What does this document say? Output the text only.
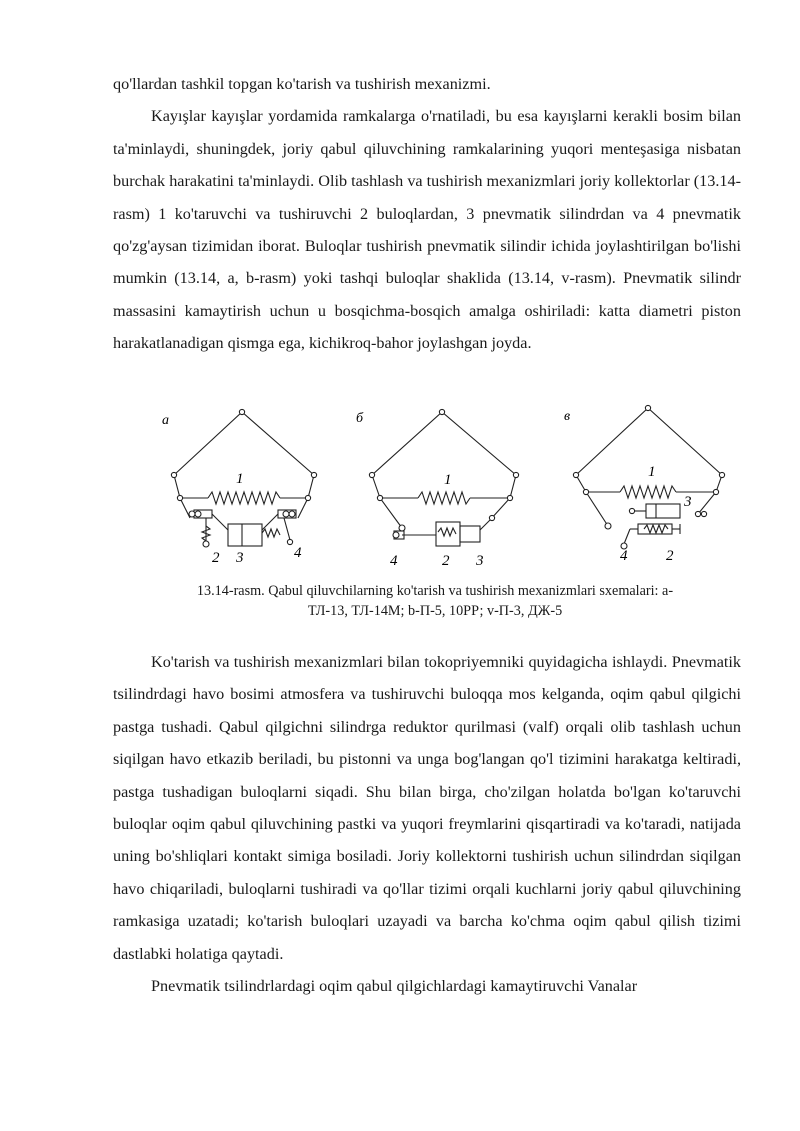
qo'llardan tashkil topgan ko'tarish va tushirish mexanizmi.

Kayışlar kayışlar yordamida ramkalarga o'rnatiladi, bu esa kayışlarni kerakli bosim bilan ta'minlaydi, shuningdek, joriy qabul qiluvchining ramkalarining yuqori menteşasiga nisbatan burchak harakatini ta'minlaydi. Olib tashlash va tushirish mexanizmlari joriy kollektorlar (13.14-rasm) 1 ko'taruvchi va tushiruvchi 2 buloqlardan, 3 pnevmatik silindrdan va 4 pnevmatik qo'zg'aysan tizimidan iborat. Buloqlar tushirish pnevmatik silindir ichida joylashtirilgan bo'lishi mumkin (13.14, a, b-rasm) yoki tashqi buloqlar shaklida (13.14, v-rasm). Pnevmatik silindr massasini kamaytirish uchun u bosqichma-bosqich amalga oshiriladi: katta diametri piston harakatlanadigan qismga ega, kichikroq-bahor joylashgan joyda.

а	б	в
1
2 3	4
1
4	2 3
1
3
4	2
13.14-rasm. Qabul qiluvchilarning ko'tarish va tushirish mexanizmlari sxemalari: a-
ТЛ-13, ТЛ-14М; b-П-5, 10РР; v-П-3, ДЖ-5

Ko'tarish va tushirish mexanizmlari bilan tokopriyemniki quyidagicha ishlaydi. Pnevmatik tsilindrdagi havo bosimi atmosfera va tushiruvchi buloqqa mos kelganda, oqim qabul qilgichi pastga tushadi. Qabul qilgichni silindrga reduktor qurilmasi (valf) orqali olib tashlash uchun siqilgan havo etkazib beriladi, bu pistonni va unga bog'langan qo'l tizimini harakatga keltiradi, pastga tushadigan buloqlarni siqadi. Shu bilan birga, cho'zilgan holatda bo'lgan ko'taruvchi buloqlar oqim qabul qiluvchining pastki va yuqori freymlarini qisqartiradi va ko'taradi, natijada uning bo'shliqlari kontakt simiga bosiladi. Joriy kollektorni tushirish uchun silindrdan siqilgan havo chiqariladi, buloqlarni tushiradi va qo'llar tizimi orqali kuchlarni joriy qabul qiluvchining ramkasiga uzatadi; ko'tarish buloqlari uzayadi va barcha ko'chma oqim qabul qilish tizimi dastlabki holatiga qaytadi.

Pnevmatik tsilindrlardagi oqim qabul qilgichlardagi kamaytiruvchi Vanalar
